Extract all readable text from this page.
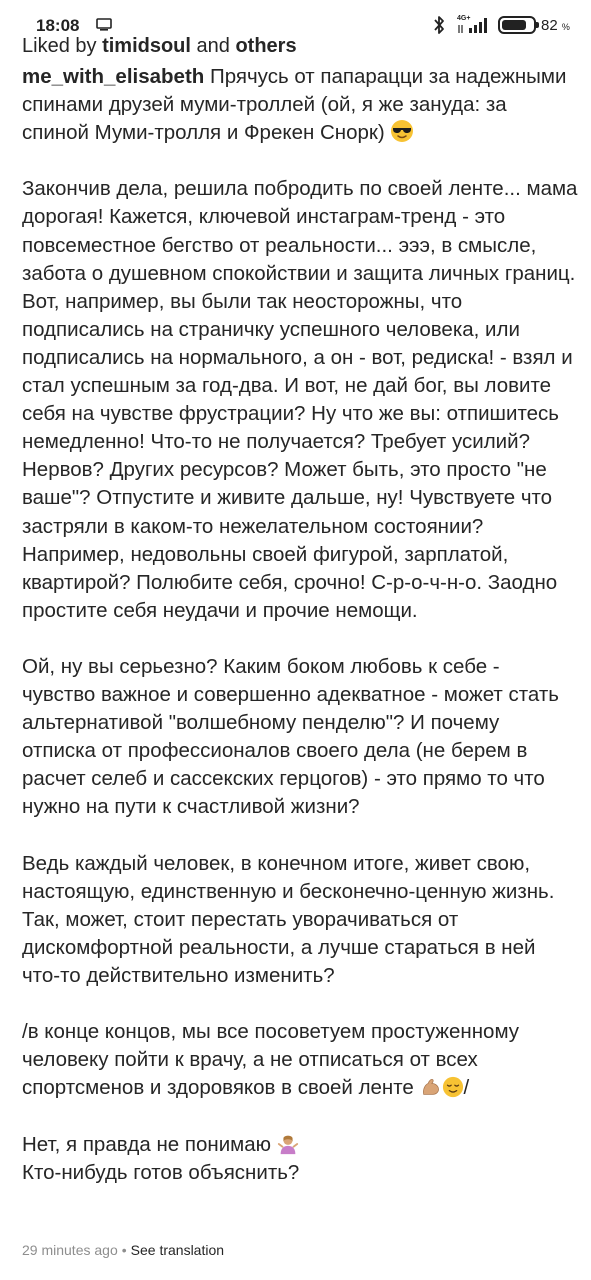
18:08	4G+	82 %
Liked by timidsoul and others

me_with_elisabeth Прячусь от папарацци за надежными спинами друзей муми-троллей (ой, я же зануда: за спиной Муми-тролля и Фрекен Снорк)

Закончив дела, решила побродить по своей ленте... мама дорогая! Кажется, ключевой инстаграм-тренд - это повсеместное бегство от реальности... эээ, в смысле, забота о душевном спокойствии и защита личных границ.

Вот, например, вы были так неосторожны, что подписались на страничку успешного человека, или подписались на нормального, а он - вот, редиска! - взял и стал успешным за год-два. И вот, не дай бог, вы ловите себя на чувстве фрустрации? Ну что же вы: отпишитесь немедленно! Что-то не получается? Требует усилий? Нервов? Других ресурсов? Может быть, это просто "не ваше"? Отпустите и живите дальше, ну! Чувствуете что застряли в каком-то нежелательном состоянии? Например, недовольны своей фигурой, зарплатой, квартирой? Полюбите себя, срочно! С-р-о-ч-н-о. Заодно простите себя неудачи и прочие немощи.

Ой, ну вы серьезно? Каким боком любовь к себе - чувство важное и совершенно адекватное - может стать альтернативой "волшебному пенделю"? И почему отписка от профессионалов своего дела (не берем в расчет селеб и сассекских герцогов) - это прямо то что нужно на пути к счастливой жизни?

Ведь каждый человек, в конечном итоге, живет свою, настоящую, единственную и бесконечно-ценную жизнь. Так, может, стоит перестать уворачиваться от дискомфортной реальности, а лучше стараться в ней что-то действительно изменить?

/в конце концов, мы все посоветуем простуженному человеку пойти к врачу, а не отписаться от всех спортсменов и здоровяков в своей ленте /

Нет, я правда не понимаю

Кто-нибудь готов объяснить?

29 minutes ago • See translation
